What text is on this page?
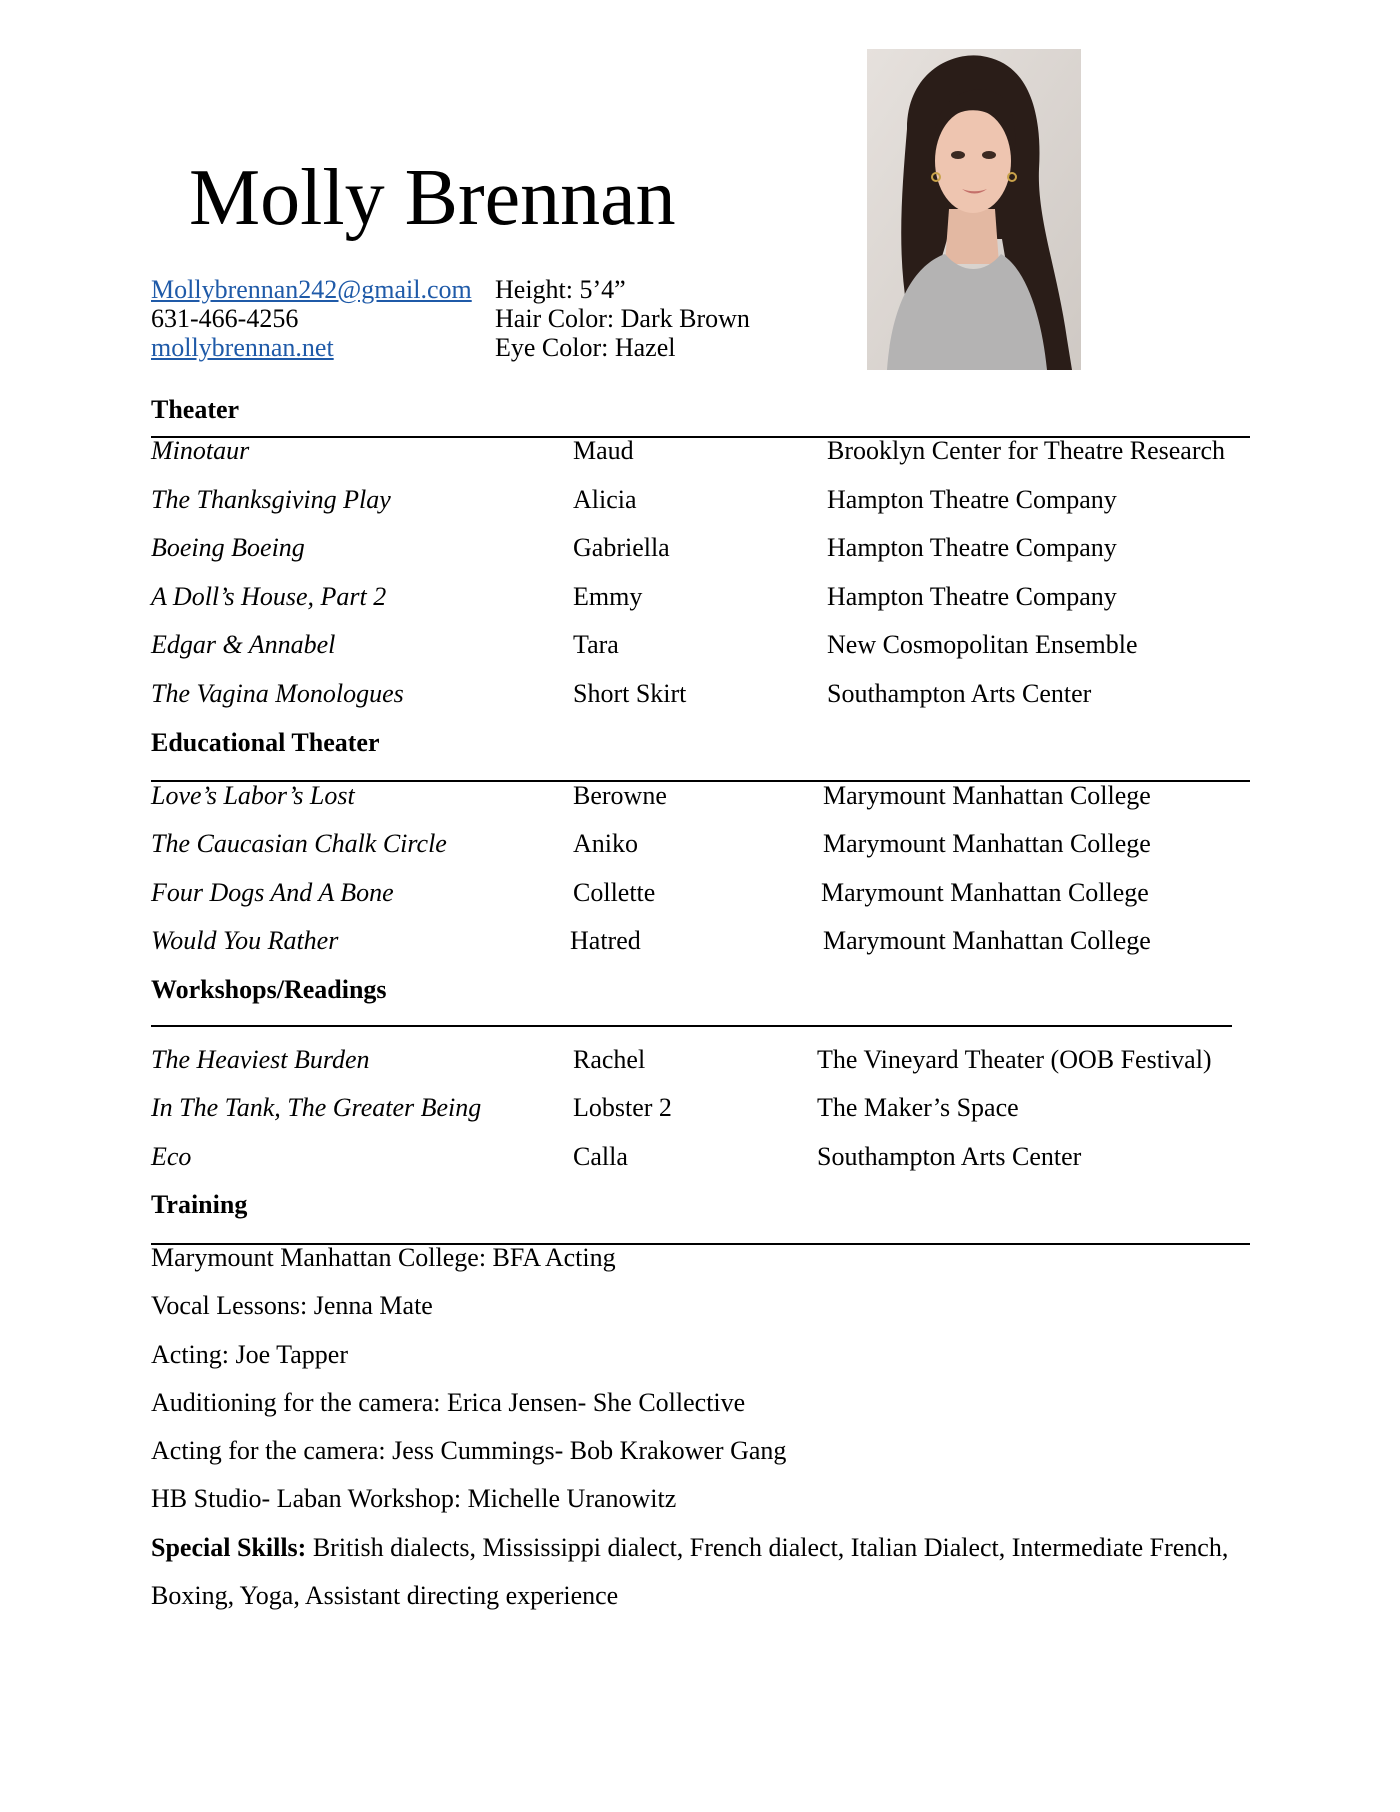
Molly Brennan
Mollybrennan242@gmail.com
631-466-4256
mollybrennan.net
Height: 5’4”
Hair Color: Dark Brown
Eye Color: Hazel
Theater
Minotaur	Maud	Brooklyn Center for Theatre Research
The Thanksgiving Play	Alicia	Hampton Theatre Company
Boeing Boeing	Gabriella	Hampton Theatre Company
A Doll’s House, Part 2	Emmy	Hampton Theatre Company
Edgar & Annabel	Tara	New Cosmopolitan Ensemble
The Vagina Monologues	Short Skirt	Southampton Arts Center
Educational Theater
Love’s Labor’s Lost	Berowne	Marymount Manhattan College
The Caucasian Chalk Circle	Aniko	Marymount Manhattan College
Four Dogs And A Bone	Collette	Marymount Manhattan College
Would You Rather	Hatred	Marymount Manhattan College
Workshops/Readings
The Heaviest Burden	Rachel	The Vineyard Theater (OOB Festival)
In The Tank, The Greater Being	Lobster 2	The Maker’s Space
Eco	Calla	Southampton Arts Center
Training
Marymount Manhattan College: BFA Acting
Vocal Lessons: Jenna Mate
Acting: Joe Tapper
Auditioning for the camera: Erica Jensen- She Collective
Acting for the camera: Jess Cummings- Bob Krakower Gang
HB Studio- Laban Workshop: Michelle Uranowitz
Special Skills: British dialects, Mississippi dialect, French dialect, Italian Dialect, Intermediate French, Boxing, Yoga, Assistant directing experience
